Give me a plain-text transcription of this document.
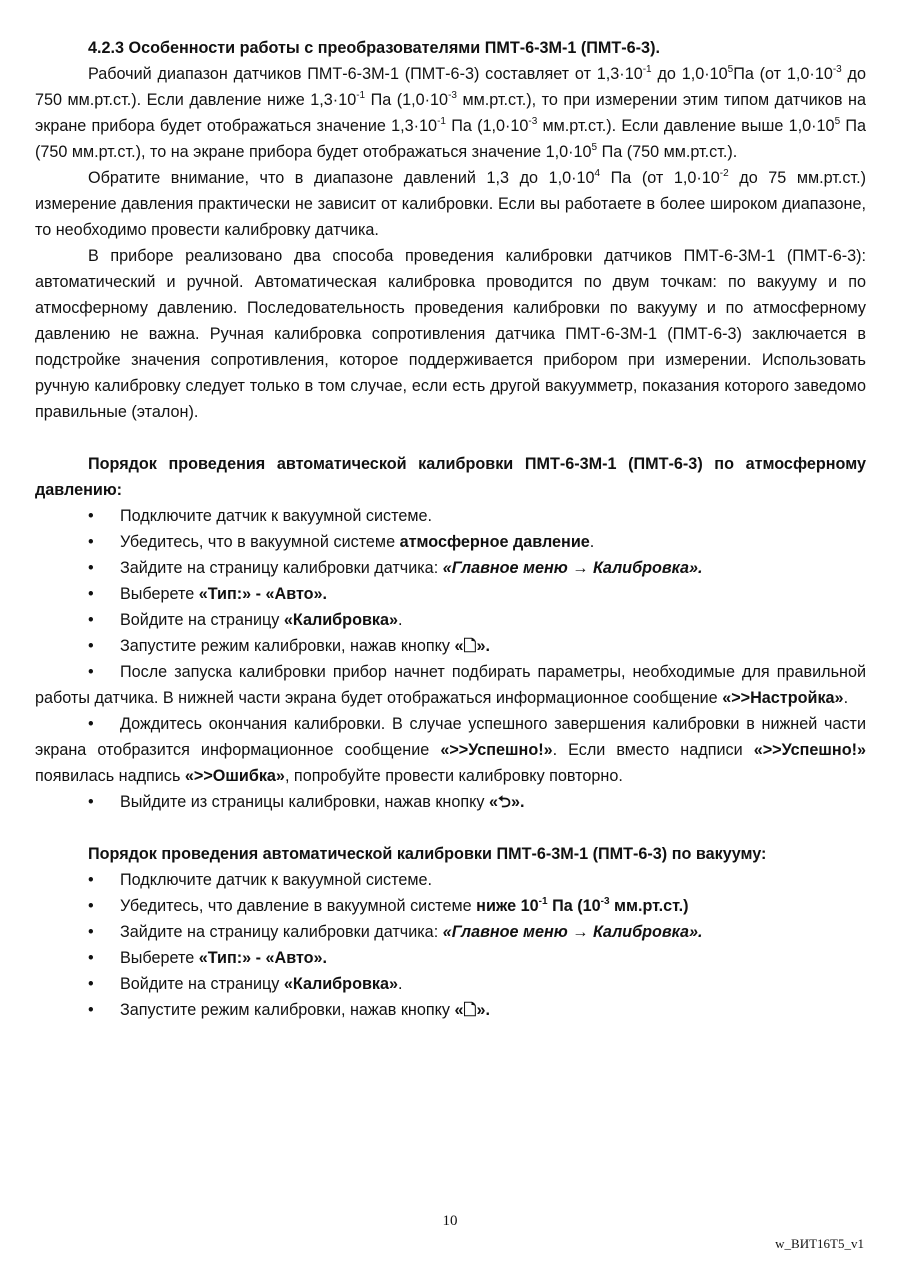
4.2.3 Особенности работы с преобразователями ПМТ-6-3М-1 (ПМТ-6-3).

Рабочий диапазон датчиков ПМТ-6-3М-1 (ПМТ-6-3) составляет от $1,3\cdot 10^{-1}$ до $1,0\cdot 10^5Па$ (от $1,0\cdot 10^{-3}$ до 750 мм.рт.ст.). Если давление ниже $1,3\cdot 10^{-1}$ Па ($1,0\cdot 10^{-3}$ мм.рт.ст.), то при измерении этим типом датчиков на экране прибора будет отображаться значение $1,3\cdot 10^{-1}$ Па ($1,0\cdot 10^{-3}$ мм.рт.ст.). Если давление выше $1,0\cdot 10^5$ Па (750 мм.рт.ст.), то на экране прибора будет отображаться значение $1,0\cdot 10^5$ Па (750 мм.рт.ст.).

Обратите внимание, что в диапазоне давлений 1,3 до $1,0\cdot 10^4$ Па (от $1,0\cdot 10^{-2}$ до 75 мм.рт.ст.) измерение давления практически не зависит от калибровки. Если вы работаете в более широком диапазоне, то необходимо провести калибровку датчика.

В приборе реализовано два способа проведения калибровки датчиков ПМТ-6-3М-1 (ПМТ-6-3): автоматический и ручной. Автоматическая калибровка проводится по двум точкам: по вакууму и по атмосферному давлению. Последовательность проведения калибровки по вакууму и по атмосферному давлению не важна. Ручная калибровка сопротивления датчика ПМТ-6-3М-1 (ПМТ-6-3) заключается в подстройке значения сопротивления, которое поддерживается прибором при измерении. Использовать ручную калибровку следует только в том случае, если есть другой вакуумметр, показания которого заведомо правильные (эталон).

Порядок проведения автоматической калибровки ПМТ-6-3М-1 (ПМТ-6-3) по атмосферному давлению:

• Подключите датчик к вакуумной системе.
• Убедитесь, что в вакуумной системе атмосферное давление.
• Зайдите на страницу калибровки датчика: «Главное меню → Калибровка».
• Выберете «Тип:» - «Авто».
• Войдите на страницу «Калибровка».
• Запустите режим калибровки, нажав кнопку «🗋».
• После запуска калибровки прибор начнет подбирать параметры, необходимые для правильной работы датчика. В нижней части экрана будет отображаться информационное сообщение «>>Настройка».
• Дождитесь окончания калибровки. В случае успешного завершения калибровки в нижней части экрана отобразится информационное сообщение «>>Успешно!». Если вместо надписи «>>Успешно!» появилась надпись «>>Ошибка», попробуйте провести калибровку повторно.
• Выйдите из страницы калибровки, нажав кнопку «⮌».

Порядок проведения автоматической калибровки ПМТ-6-3М-1 (ПМТ-6-3) по вакууму:

• Подключите датчик к вакуумной системе.
• Убедитесь, что давление в вакуумной системе ниже $10^{-1}$ Па ($10^{-3}$ мм.рт.ст.)
• Зайдите на страницу калибровки датчика: «Главное меню → Калибровка».
• Выберете «Тип:» - «Авто».
• Войдите на страницу «Калибровка».
• Запустите режим калибровки, нажав кнопку «🗋».
10
w_ВИТ16Т5_v1
